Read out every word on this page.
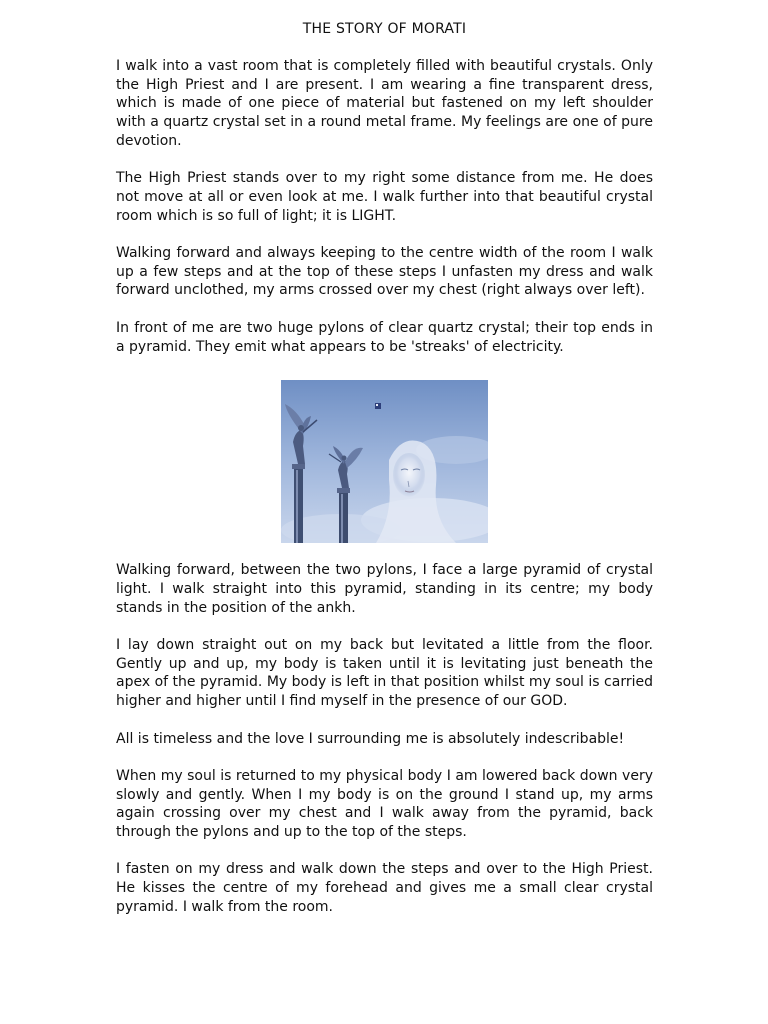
THE STORY OF MORATI

I walk into a vast room that is completely filled with beautiful crystals. Only the High Priest and I are present. I am wearing a fine transparent dress, which is made of one piece of material but fastened on my left shoulder with a quartz crystal set in a round metal frame. My feelings are one of pure devotion.

The High Priest stands over to my right some distance from me. He does not move at all or even look at me. I walk further into that beautiful crystal room which is so full of light; it is LIGHT.

Walking forward and always keeping to the centre width of the room I walk up a few steps and at the top of these steps I unfasten my dress and walk forward unclothed, my arms crossed over my chest (right always over left).

In front of me are two huge pylons of clear quartz crystal; their top ends in a pyramid. They emit what appears to be 'streaks' of electricity.

Walking forward, between the two pylons, I face a large pyramid of crystal light. I walk straight into this pyramid, standing in its centre; my body stands in the position of the ankh.

I lay down straight out on my back but levitated a little from the floor. Gently up and up, my body is taken until it is levitating just beneath the apex of the pyramid. My body is left in that position whilst my soul is carried higher and higher until I find myself in the presence of our GOD.

All is timeless and the love I surrounding me is absolutely indescribable!

When my soul is returned to my physical body I am lowered back down very slowly and gently. When I my body is on the ground I stand up, my arms again crossing over my chest and I walk away from the pyramid, back through the pylons and up to the top of the steps.

I fasten on my dress and walk down the steps and over to the High Priest. He kisses the centre of my forehead and gives me a small clear crystal pyramid. I walk from the room.
